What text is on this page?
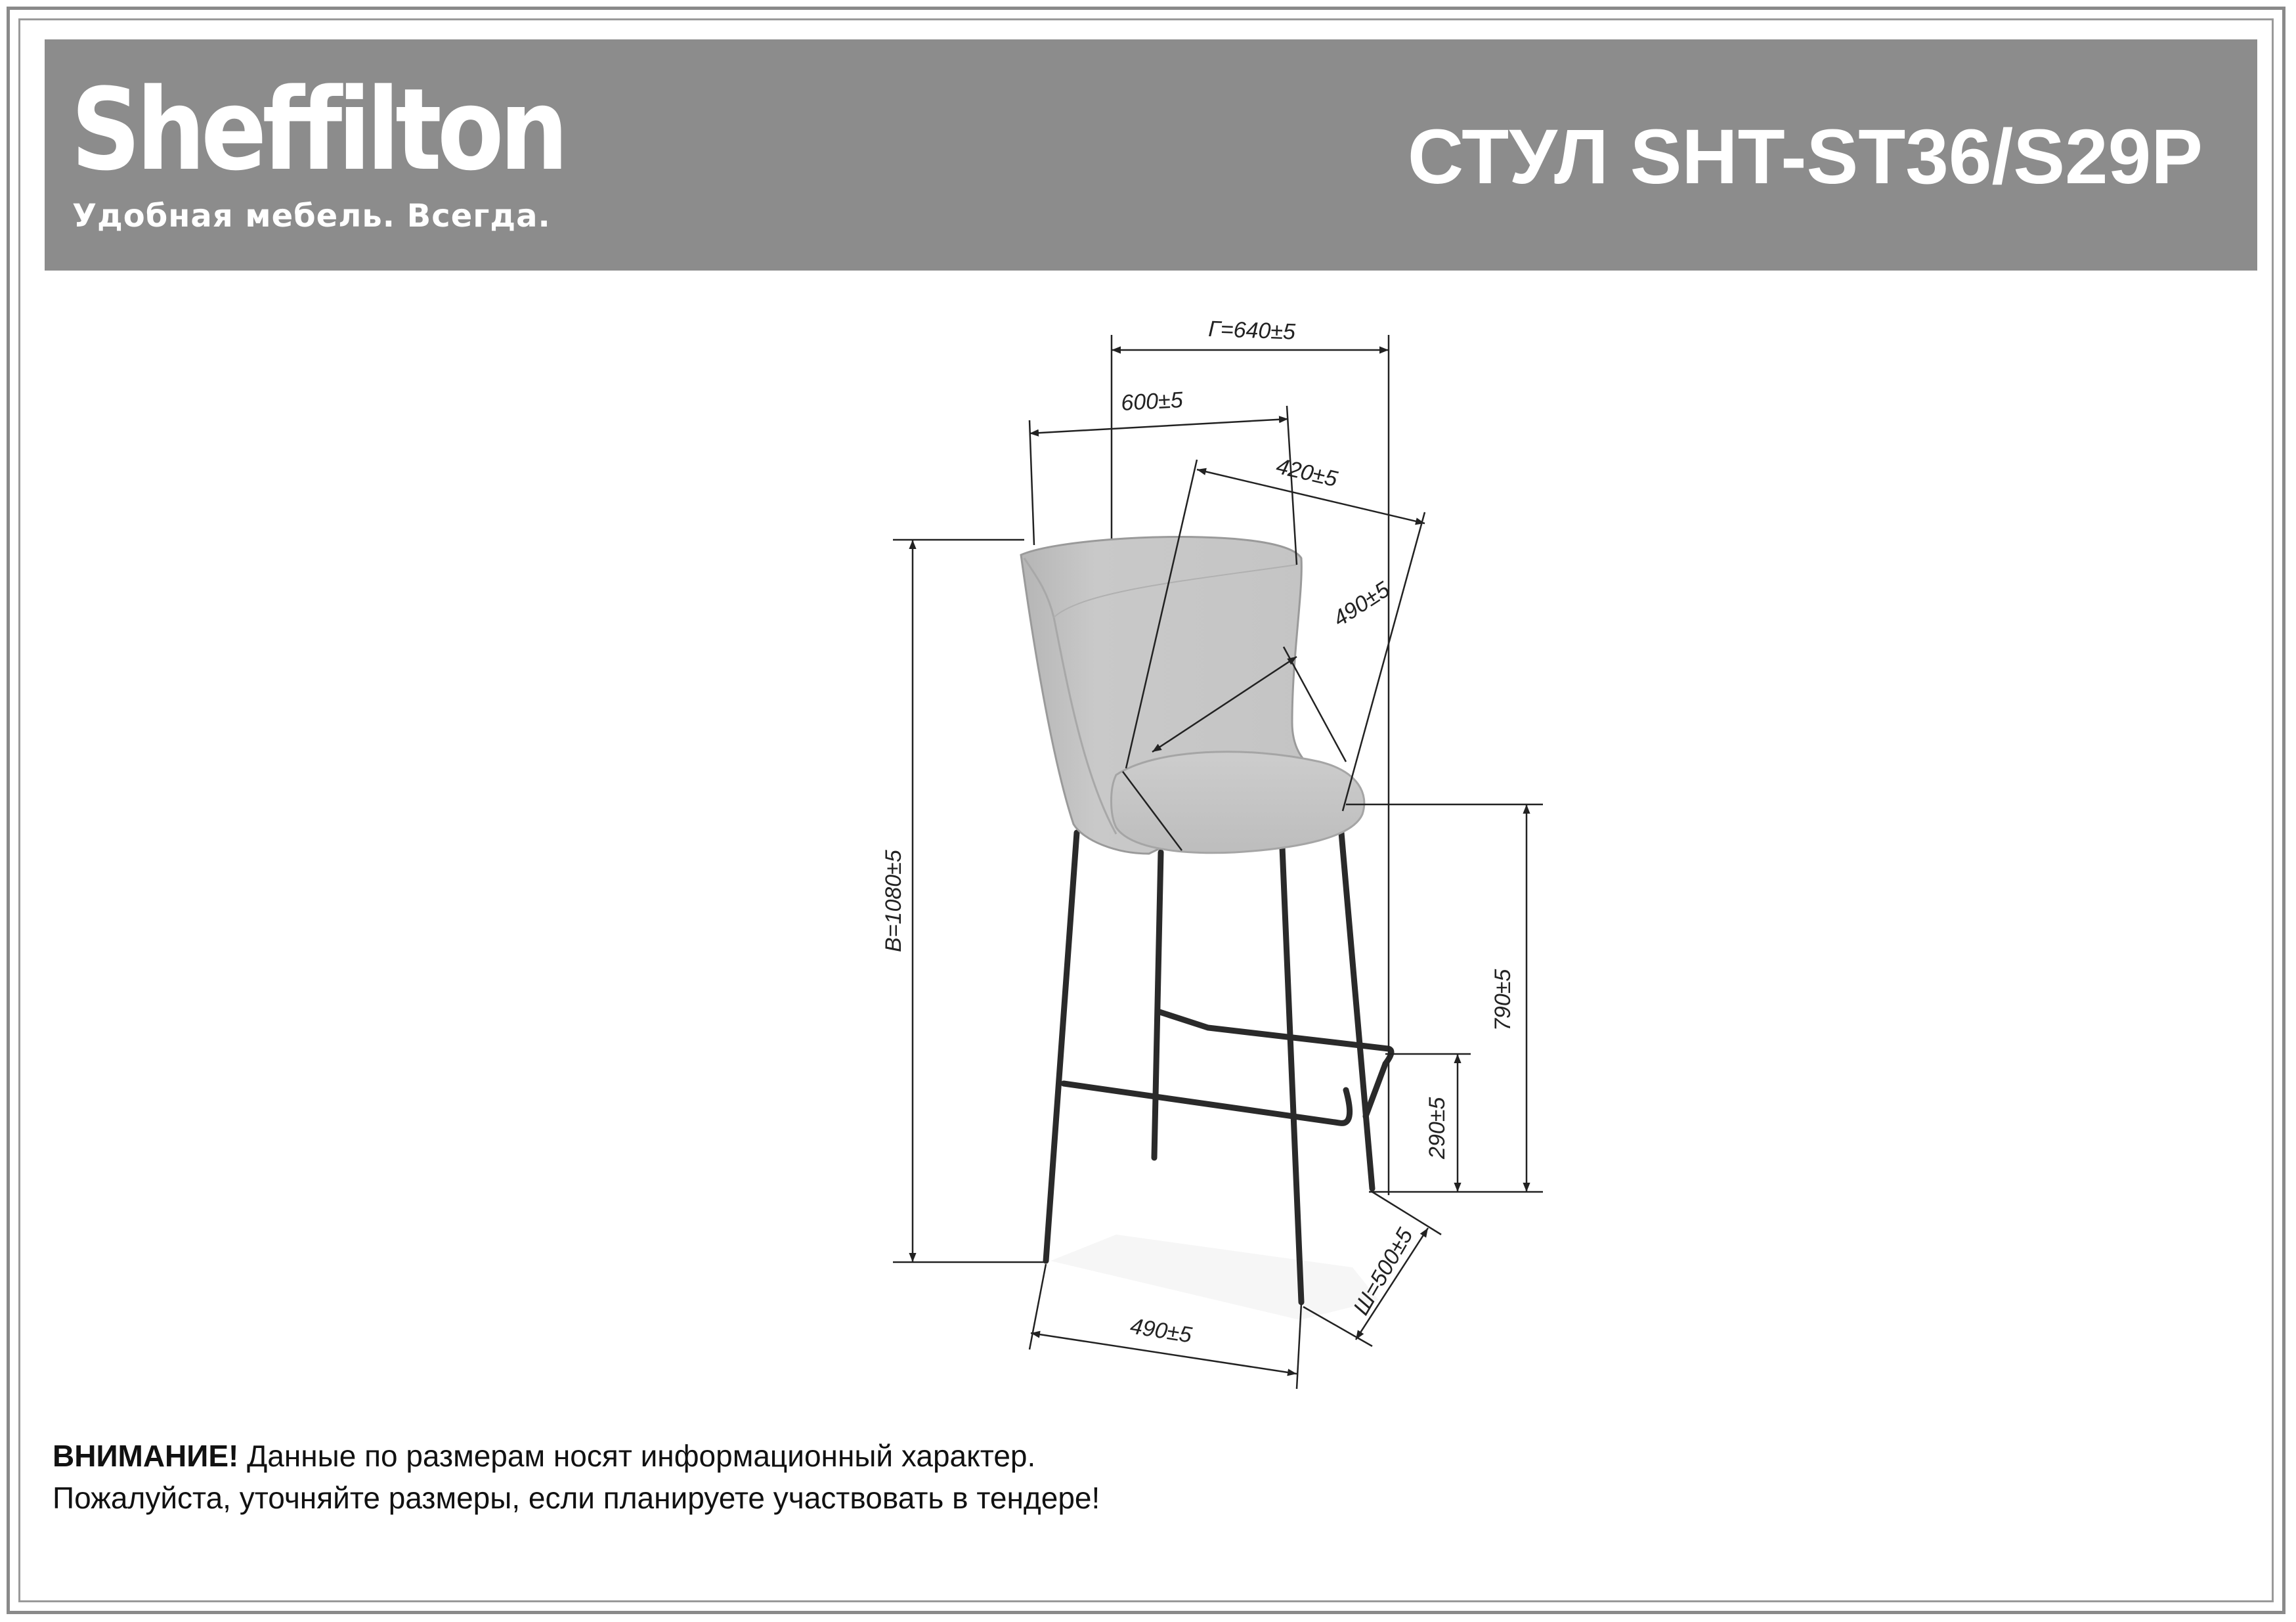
Sheffilton
Удобная мебель. Всегда.
СТУЛ SHT-ST36/S29P
Г=640±5
600±5
420±5
490±5
В=1080±5
790±5
290±5
Ш=500±5
490±5
ВНИМАНИЕ! Данные по размерам носят информационный характер.
Пожалуйста, уточняйте размеры, если планируете участвовать в тендере!
